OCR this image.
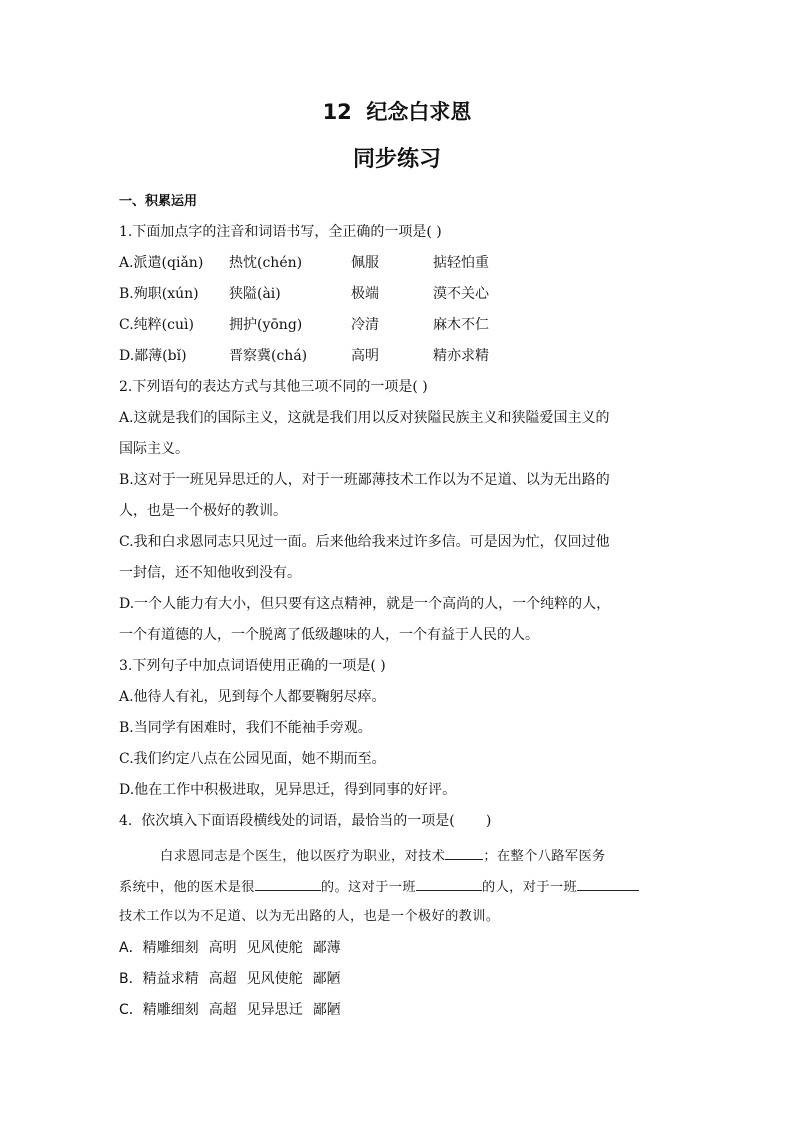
12  纪念白求恩
同步练习
一、积累运用
1.下面加点字的注音和词语书写，全正确的一项是( )
A.派遣(qiǎn) 热忱(chén)	佩服	掂轻怕重
B.殉职(xún) 狭隘(ài)	极端	漠不关心
C.纯粹(cuì)	拥护(yōng)	冷清	麻木不仁
D.鄙薄(bǐ)	晋察冀(chá)	高明	精亦求精
2.下列语句的表达方式与其他三项不同的一项是( )
A.这就是我们的国际主义，这就是我们用以反对狭隘民族主义和狭隘爱国主义的
国际主义。
B.这对于一班见异思迁的人，对于一班鄙薄技术工作以为不足道、以为无出路的
人，也是一个极好的教训。
C.我和白求恩同志只见过一面。后来他给我来过许多信。可是因为忙，仅回过他
一封信，还不知他收到没有。
D.一个人能力有大小，但只要有这点精神，就是一个高尚的人，一个纯粹的人，
一个有道德的人，一个脱离了低级趣味的人，一个有益于人民的人。
3.下列句子中加点词语使用正确的一项是( )
A.他待人有礼，见到每个人都要鞠躬尽瘁。
B.当同学有困难时，我们不能袖手旁观。
C.我们约定八点在公园见面，她不期而至。
D.他在工作中积极进取，见异思迁，得到同事的好评。
4.  依次填入下面语段横线处的词语，最恰当的一项是(       )
白求恩同志是个医生，他以医疗为职业，对技术	；在整个八路军医务
系统中，他的医术是很	的。这对于一班	的人，对于一班
技术工作以为不足道、以为无出路的人，也是一个极好的教训。
A．精雕细刻 高明 见风使舵 鄙薄
B．精益求精 高超 见风使舵 鄙陋
C．精雕细刻 高超 见异思迁 鄙陋
